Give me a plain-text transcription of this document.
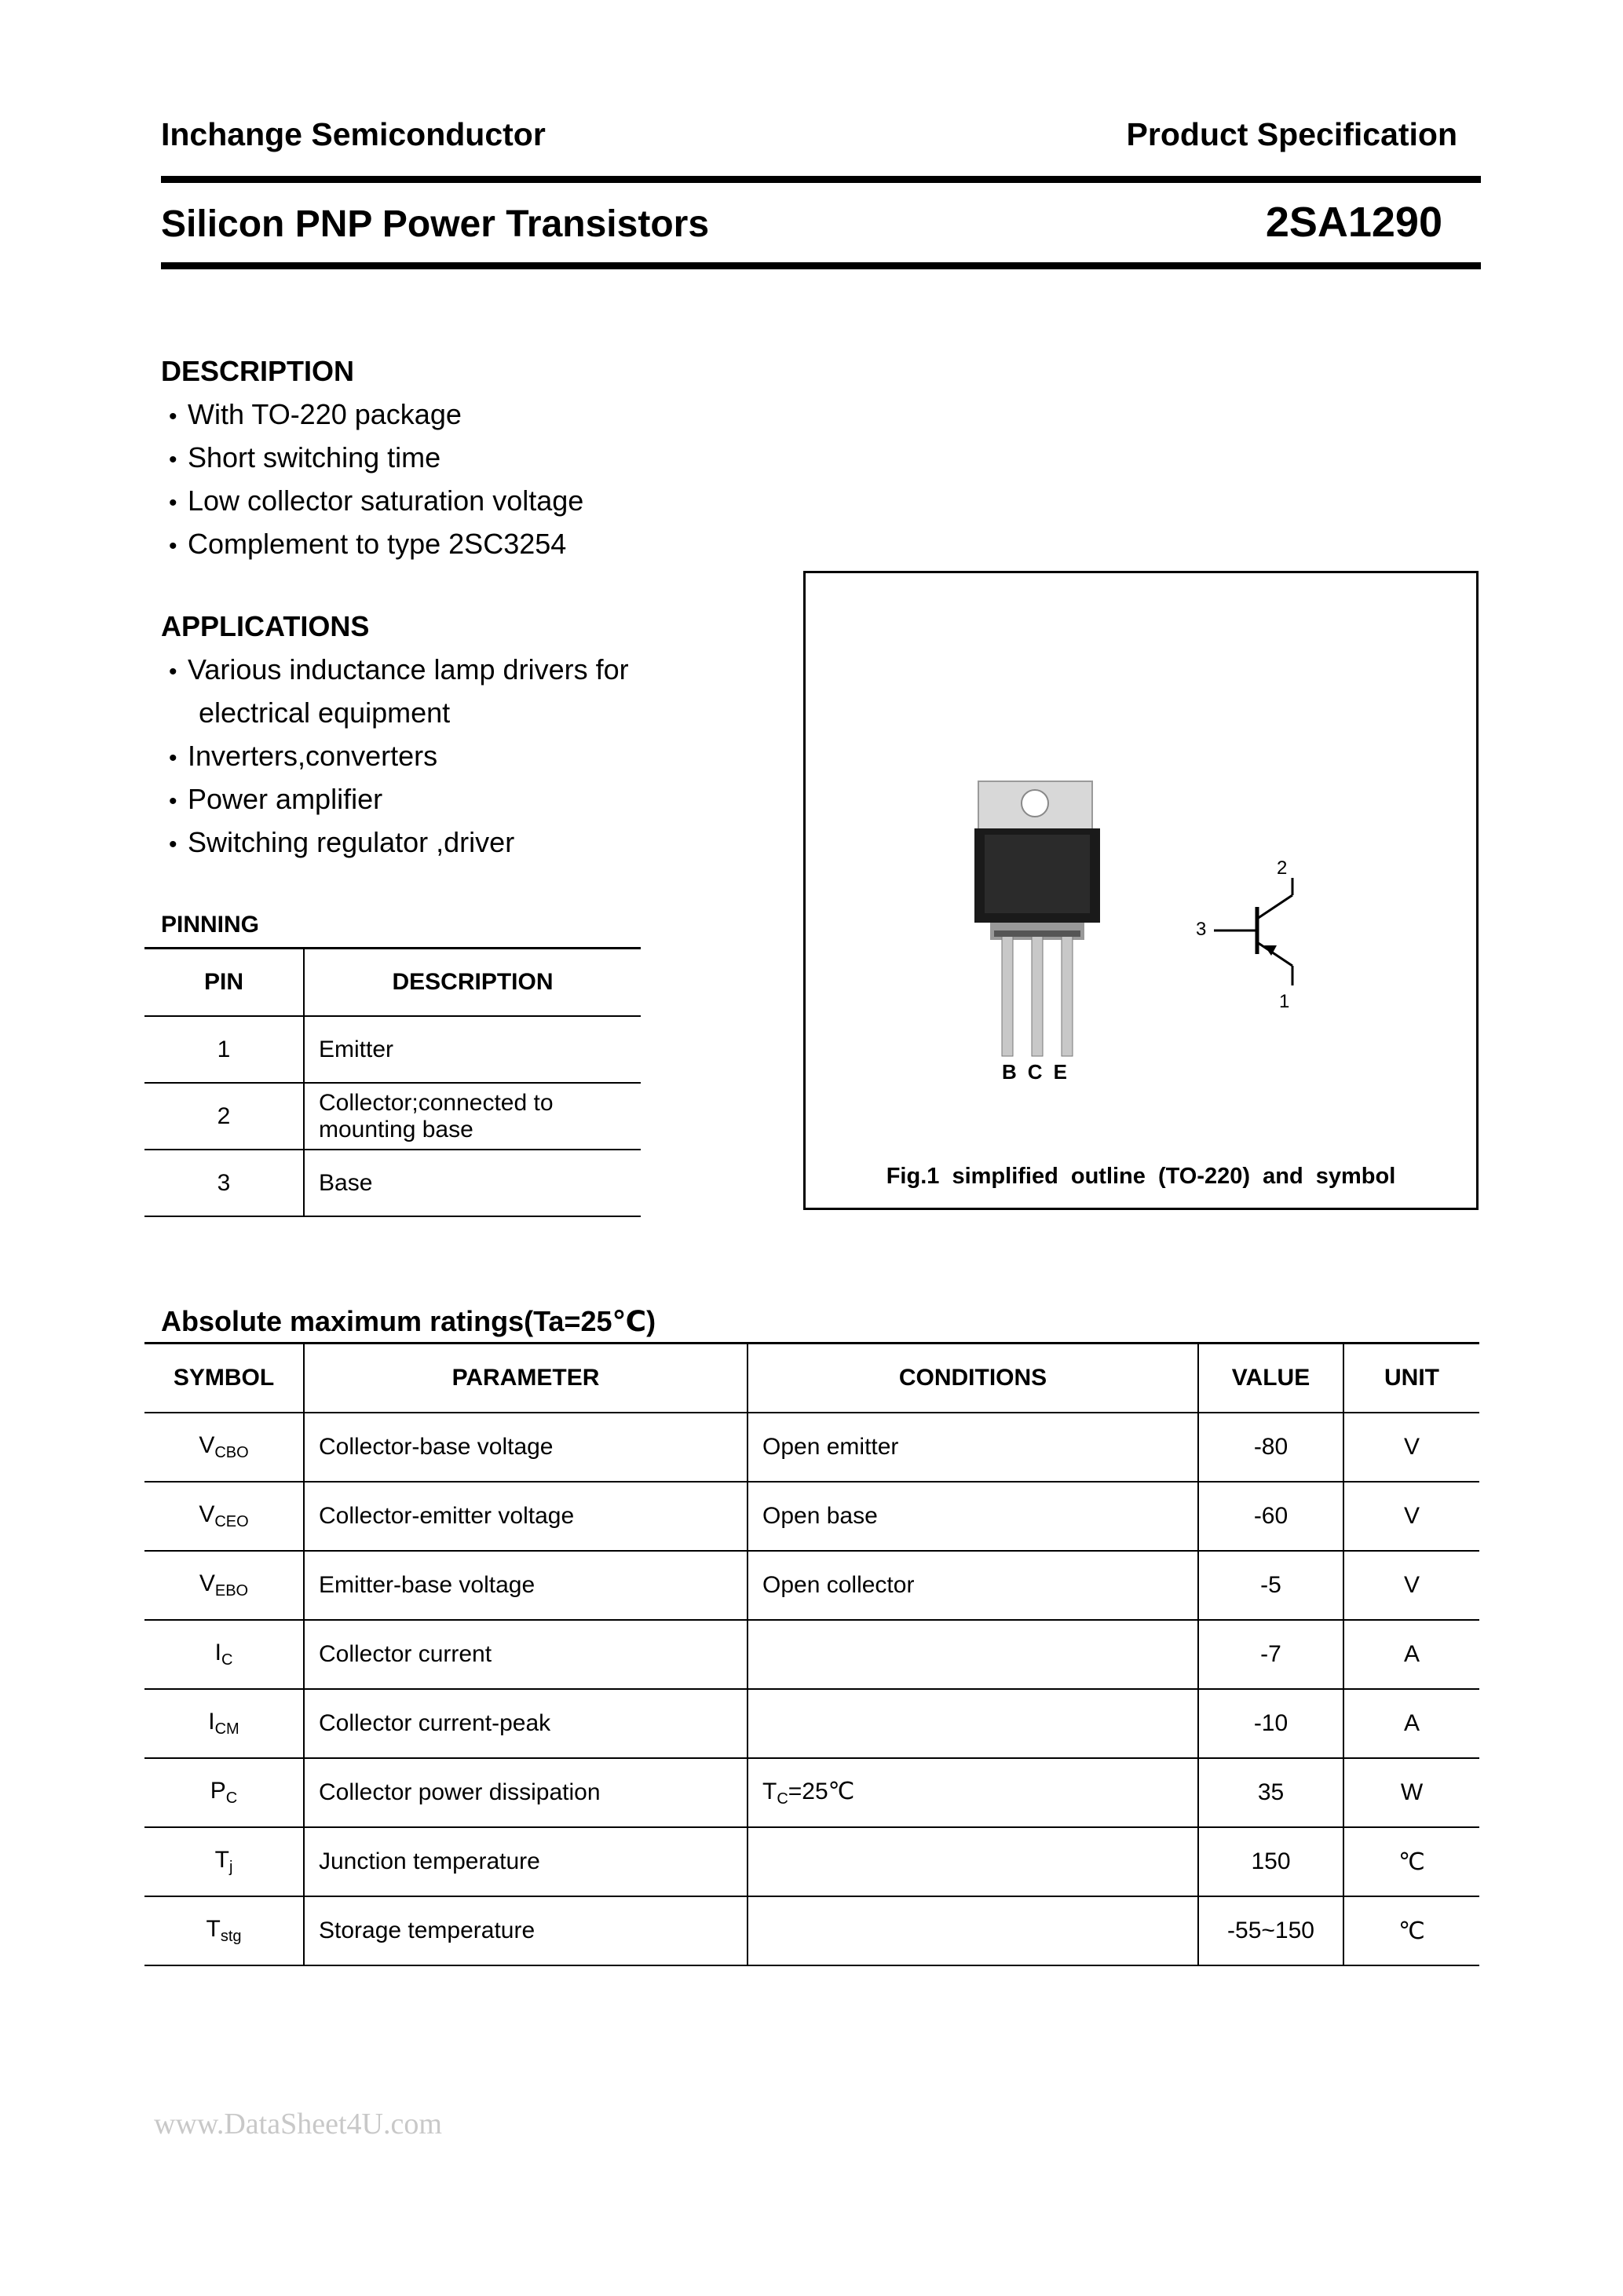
Inchange Semiconductor	Product Specification
Silicon PNP Power Transistors	2SA1290
DESCRIPTION
• With TO-220 package
• Short switching time
• Low collector saturation voltage
• Complement to type 2SC3254
APPLICATIONS
• Various inductance lamp drivers for
electrical equipment
• Inverters,converters
• Power amplifier
• Switching regulator ,driver
PINNING
PIN	DESCRIPTION
1	Emitter
2	Collector;connected to
mounting base
3	Base
BCE
2
3
1
Fig.1 simplified outline (TO-220) and symbol
Absolute maximum ratings(Ta=25℃)
SYMBOL	PARAMETER	CONDITIONS	VALUE	UNIT
$V_{CBO}$	Collector-base voltage	Open emitter	-80	V
$V_{CEO}$	Collector-emitter voltage	Open base	-60	V
$V_{EBO}$	Emitter-base voltage	Open collector	-5	V
$I_C$	Collector current		-7	A
$I_{CM}$	Collector current-peak		-10	A
$P_C$	Collector power dissipation	$T_C=25℃$	35	W
$T_j$	Junction temperature		150	℃
$T_{stg}$	Storage temperature		-55~150	℃
www.DataSheet4U.com
